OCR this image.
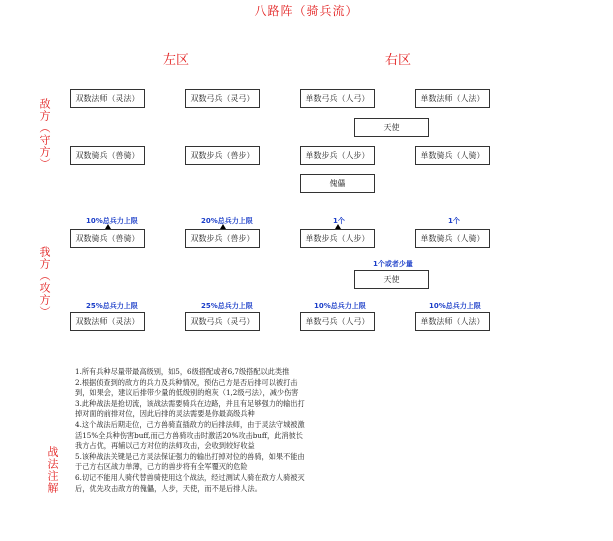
八路阵（骑兵流）
左区	右区
敌方（守方）
我方（攻方）
战法注解
双数法师（灵法）	双数弓兵（灵弓）	单数弓兵（人弓）	单数法师（人法）
天使
双数骑兵（兽骑）	双数步兵（兽步）	单数步兵（人步）	单数骑兵（人骑）
傀儡
10%总兵力上限	20%总兵力上限	1个	1个
双数骑兵（兽骑）	双数步兵（兽步）	单数步兵（人步）	单数骑兵（人骑）
1个或者少量
天使
25%总兵力上限	25%总兵力上限	10%总兵力上限	10%总兵力上限
双数法师（灵法）	双数弓兵（灵弓）	单数弓兵（人弓）	单数法师（人法）

1.所有兵种尽量带最高级别，如5，6级搭配或者6,7级搭配以此类推

2.根据侦查到的敌方的兵力及兵种情况，预估己方是否后排可以被打击到，如果会，建议后排带少量的低级别的炮灰（1,2级弓法），减少伤害

3.此种战法是抢切流，该战法需要骑兵在边路，并且有足够强力的输出打掉对面的前排对位，因此后排的灵法需要是你最高级兵种

4.这个战法后期走位，己方兽骑直插敌方的后排法师，由于灵法守城被激活15%全兵种伤害buff,而己方兽骑攻击时激活20%攻击buff，此消彼长我方占优，再辅以己方对位的法师攻击，会收到较好收益

5.该种战法关键是己方灵法保证强力的输出打掉对位的兽骑，如果不能由于己方右区战力单薄，己方的兽步将有全军覆灭的危险

6.切记不能用人骑代替兽骑使用这个战法，经过测试人骑在敌方人骑被灭后，优先攻击敌方的傀儡，人步，天使，而不是后排人法。
